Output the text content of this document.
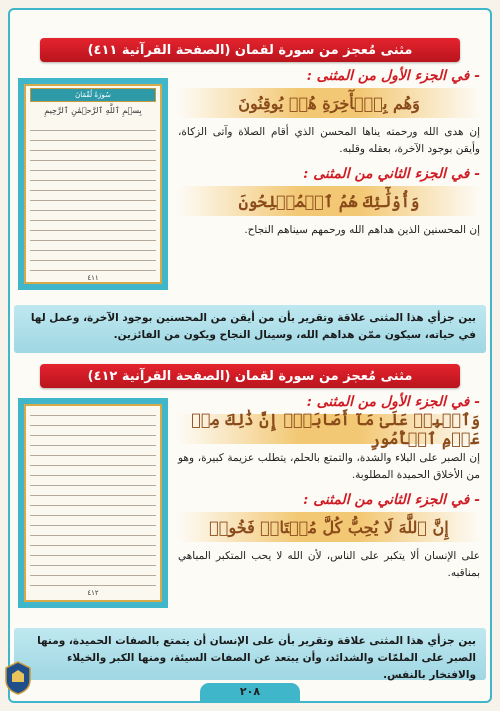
مثنى مُعجز من سورة لقمان (الصفحة القرآنية ٤١١)
سُورَةُ لُقْمَانَ
بِسۡمِ ٱللَّهِ ٱلرَّحۡمَٰنِ ٱلرَّحِيمِ
٤١١

- في الجزء الأول من المثنى :

وَهُم بِٱلۡأٓخِرَةِ هُمۡ يُوقِنُونَ

إن هدى الله ورحمته يناها المحسن الذي أقام الصلاة وآتى الزكاة، وأيقن بوجود الآخرة، بعقله وقلبه.

- في الجزء الثاني من المثنى :

وَأُوْلَٰٓئِكَ هُمُ ٱلۡمُفۡلِحُونَ

إن المحسنين الذين هداهم الله ورحمهم سيناهم النجاح.

بين جزأي هذا المثنى علاقة وتقرير بأن من أيقن من المحسنين بوجود الآخرة، وعمل لها في حياته، سيكون ممّن هداهم الله، وسينال النجاح ويكون من الفائزين.
مثنى مُعجز من سورة لقمان (الصفحة القرآنية ٤١٢)
٤١٢

- في الجزء الأول من المثنى :

وَٱصۡبِرۡ عَلَىٰ مَآ أَصَابَكَۖ إِنَّ ذَٰلِكَ مِنۡ عَزۡمِ ٱلۡأُمُورِ

إن الصبر على البلاء والشدة، والتمتع بالحلم، يتطلب عزيمة كبيرة، وهو من الأخلاق الحميدة المطلوبة.

- في الجزء الثاني من المثنى :

إِنَّ ٱللَّهَ لَا يُحِبُّ كُلَّ مُخۡتَالٖ فَخُورٖ

على الإنسان ألا يتكبر على الناس، لأن الله لا يحب المتكبر المباهي بمناقبه.

بين جزأي هذا المثنى علاقة وتقرير بأن على الإنسان أن يتمتع بالصفات الحميدة، ومنها الصبر على الملمّات والشدائد، وأن يبتعد عن الصفات السيئة، ومنها الكبر والخيلاء والافتخار بالنفس.
٢٠٨
